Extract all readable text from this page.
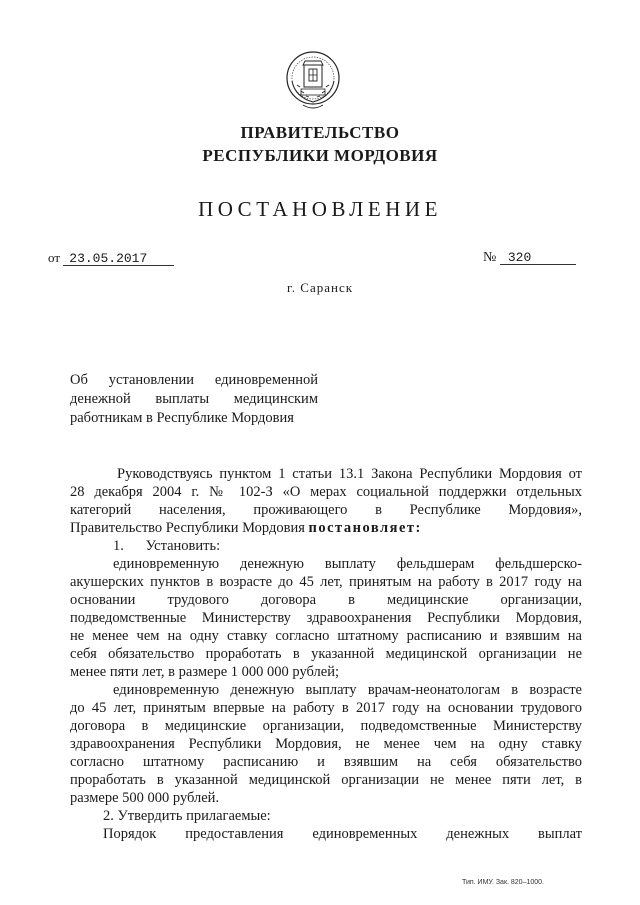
ПРАВИТЕЛЬСТВО
РЕСПУБЛИКИ МОРДОВИЯ
ПОСТАНОВЛЕНИЕ
от 23.05.2017	№ 320
г. Саранск
Об установлении единовременной
денежной выплаты медицинским
работникам в Республике Мордовия
Руководствуясь пунктом 1 статьи 13.1 Закона Республики Мордовия от
28 декабря 2004 г. № 102-З «О мерах социальной поддержки отдельных
категорий населения, проживающего в Республике Мордовия»,
Правительство Республики Мордовия постановляет:
1. Установить:
единовременную денежную выплату фельдшерам фельдшерско-
акушерских пунктов в возрасте до 45 лет, принятым на работу в 2017 году на
основании трудового договора в медицинские организации,
подведомственные Министерству здравоохранения Республики Мордовия,
не менее чем на одну ставку согласно штатному расписанию и взявшим на
себя обязательство проработать в указанной медицинской организации не
менее пяти лет, в размере 1 000 000 рублей;
единовременную денежную выплату врачам-неонатологам в возрасте
до 45 лет, принятым впервые на работу в 2017 году на основании трудового
договора в медицинские организации, подведомственные Министерству
здравоохранения Республики Мордовия, не менее чем на одну ставку
согласно штатному расписанию и взявшим на себя обязательство
проработать в указанной медицинской организации не менее пяти лет, в
размере 500 000 рублей.
2. Утвердить прилагаемые:
Порядок предоставления единовременных денежных выплат
Тип. ИМУ. Зак. 820–1000.
